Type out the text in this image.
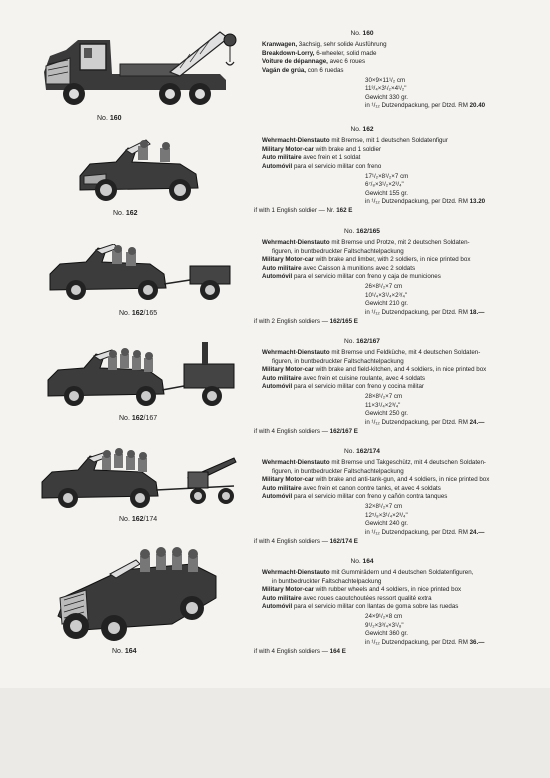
No. 160
No. 162
No. 162/165
No. 162/167
No. 162/174
No. 164
No. 160
Kranwagen, 3achsig, sehr solide Ausführung
Breakdown-Lorry, 6-wheeler, solid made
Voiture de dépannage, avec 6 roues
Vagán de grúa, con 6 ruedas
30×9×11¹/₂ cm
11³/₄×3¹/₂×4¹/₂"
Gewicht 330 gr.
in ¹/₁₂ Dutzendpackung, per Dtzd. RM 20.40
No. 162
Wehrmacht-Dienstauto mit Bremse, mit 1 deutschen Soldatenfigur
Military Motor-car with brake and 1 soldier
Auto militaire avec frein et 1 soldat
Automóvil para el servicio militar con freno
17¹/₂×8¹/₂×7 cm
6⁷/₈×3¹/₂×2³/₄"
Gewicht 155 gr.
in ¹/₁₂ Dutzendpackung, per Dtzd. RM 13.20
if with 1 English soldier — Nr. 162 E
No. 162/165
Wehrmacht-Dienstauto mit Bremse und Protze, mit 2 deutschen Soldaten-
figuren, in buntbedruckter Faltschachtelpackung
Military Motor-car with brake and limber, with 2 soldiers, in nice printed box
Auto militaire avec Caisson à munitions avec 2 soldats
Automóvil para el servicio militar con freno y caja de municiones
26×8¹/₂×7 cm
10¹/₄×3¹/₄×2³/₄"
Gewicht 210 gr.
in ¹/₁₂ Dutzendpackung, per Dtzd. RM 18.—
if with 2 English soldiers — 162/165 E
No. 162/167
Wehrmacht-Dienstauto mit Bremse und Feldküche, mit 4 deutschen Soldaten-
figuren, in buntbedruckter Faltschachtelpackung
Military Motor-car with brake and field-kitchen, and 4 soldiers, in nice printed box
Auto militaire avec frein et cuisine roulante, avec 4 soldats
Automóvil para el servicio militar con freno y cocina militar
28×8¹/₂×7 cm
11×3¹/₄×2³/₄"
Gewicht 250 gr.
in ¹/₁₂ Dutzendpackung, per Dtzd. RM 24.—
if with 4 English soldiers — 162/167 E
No. 162/174
Wehrmacht-Dienstauto mit Bremse und Takgeschütz, mit 4 deutschen Soldaten-
figuren, in buntbedruckter Faltschachtelpackung
Military Motor-car with brake and anti-tank-gun, and 4 soldiers, in nice printed box
Auto militaire avec frein et canon contre tanks, et avec 4 soldats
Automóvil para el servicio militar con freno y cañón contra tanques
32×8¹/₂×7 cm
12⁵/₈×3¹/₄×2³/₄"
Gewicht 240 gr.
in ¹/₁₂ Dutzendpackung, per Dtzd. RM 24.—
if with 4 English soldiers — 162/174 E
No. 164
Wehrmacht-Dienstauto mit Gummirädern und 4 deutschen Soldatenfiguren,
in buntbedruckter Faltschachtelpackung
Military Motor-car with rubber wheels and 4 soldiers, in nice printed box
Auto militaire avec roues caoutchoutées ressort qualité extra
Automóvil para el servicio militar con llantas de goma sobre las ruedas
24×9¹/₂×8 cm
9¹/₂×3³/₄×3¹/₈"
Gewicht 360 gr.
in ¹/₁₂ Dutzendpackung, per Dtzd. RM 36.—
if with 4 English soldiers — 164 E
